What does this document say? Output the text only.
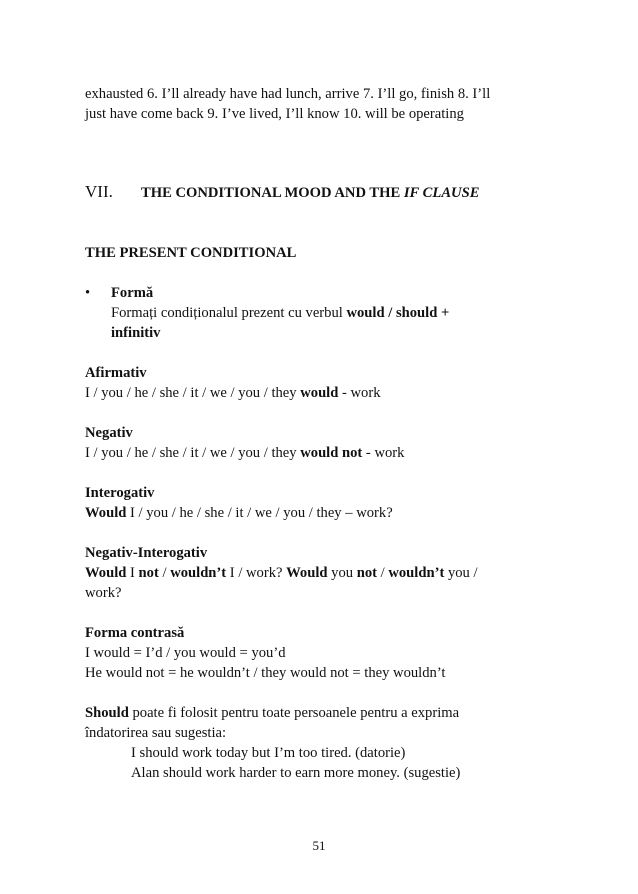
exhausted 6. I’ll already have had lunch, arrive 7. I’ll go, finish 8. I’ll

just have come back 9. I’ve lived, I’ll know 10. will be operating

VII.	THE CONDITIONAL MOOD AND THE IF CLAUSE

THE PRESENT CONDITIONAL

•	Formă

Formați condiționalul prezent cu verbul would / should +
infinitiv

Afirmativ

I / you / he / she / it / we / you / they would - work

Negativ

I / you / he / she / it / we / you / they would not - work

Interogativ

Would I / you / he / she / it / we / you / they – work?

Negativ-Interogativ

Would I not / wouldn’t I / work? Would you not / wouldn’t you /
work?

Forma contrasă

I would = I’d / you would = you’d

He would not = he wouldn’t / they would not = they wouldn’t

Should poate fi folosit pentru toate persoanele pentru a exprima
îndatorirea sau sugestia:

I should work today but I’m too tired. (datorie)

Alan should work harder to earn more money. (sugestie)

51
